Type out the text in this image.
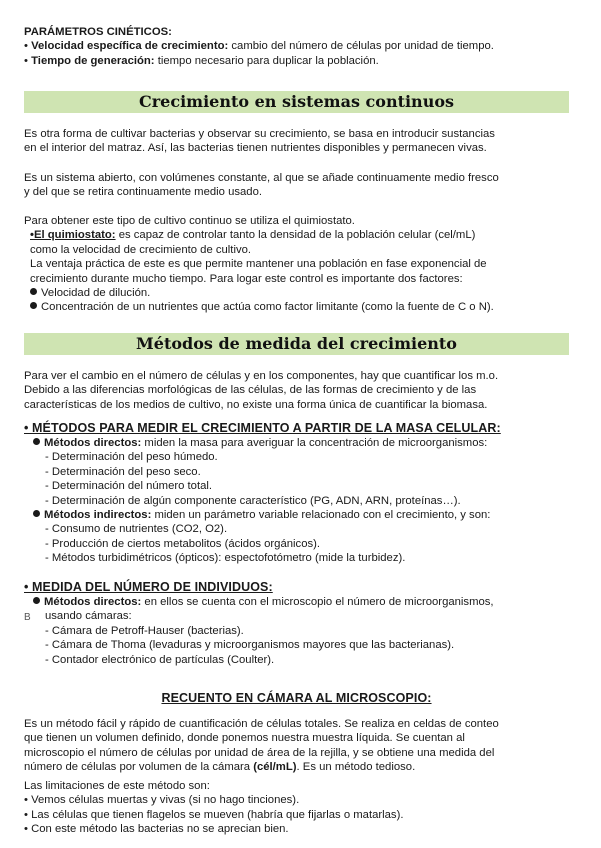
PARÁMETROS CINÉTICOS:
• Velocidad específica de crecimiento: cambio del número de células por unidad de tiempo.
• Tiempo de generación: tiempo necesario para duplicar la población.
Crecimiento en sistemas continuos
Es otra forma de cultivar bacterias y observar su crecimiento, se basa en introducir sustancias
en el interior del matraz. Así, las bacterias tienen nutrientes disponibles y permanecen vivas.
Es un sistema abierto, con volúmenes constante, al que se añade continuamente medio fresco
y del que se retira continuamente medio usado.
Para obtener este tipo de cultivo continuo se utiliza el quimiostato.
•El quimiostato: es capaz de controlar tanto la densidad de la población celular (cel/mL)
como la velocidad de crecimiento de cultivo.
La ventaja práctica de este es que permite mantener una población en fase exponencial de
crecimiento durante mucho tiempo. Para logar este control es importante dos factores:
Velocidad de dilución.
Concentración de un nutrientes que actúa como factor limitante (como la fuente de C o N).
Métodos de medida del crecimiento
Para ver el cambio en el número de células y en los componentes, hay que cuantificar los m.o.
Debido a las diferencias morfológicas de las células, de las formas de crecimiento y de las
características de los medios de cultivo, no existe una forma única de cuantificar la biomasa.
• MÉTODOS PARA MEDIR EL CRECIMIENTO A PARTIR DE LA MASA CELULAR:
Métodos directos: miden la masa para averiguar la concentración de microorganismos:
- Determinación del peso húmedo.
- Determinación del peso seco.
- Determinación del número total.
- Determinación de algún componente característico (PG, ADN, ARN, proteínas…).
Métodos indirectos: miden un parámetro variable relacionado con el crecimiento, y son:
- Consumo de nutrientes (CO2, O2).
- Producción de ciertos metabolitos (ácidos orgánicos).
- Métodos turbidimétricos (ópticos): espectofotómetro (mide la turbidez).
• MEDIDA DEL NÚMERO DE INDIVIDUOS:
Métodos directos: en ellos se cuenta con el microscopio el número de microorganismos,
usando cámaras:
- Cámara de Petroff-Hauser (bacterias).
- Cámara de Thoma (levaduras y microorganismos mayores que las bacterianas).
- Contador electrónico de partículas (Coulter).
B
RECUENTO EN CÁMARA AL MICROSCOPIO:
Es un método fácil y rápido de cuantificación de células totales. Se realiza en celdas de conteo
que tienen un volumen definido, donde ponemos nuestra muestra líquida. Se cuentan al
microscopio el número de células por unidad de área de la rejilla, y se obtiene una medida del
número de células por volumen de la cámara (cél/mL). Es un método tedioso.
Las limitaciones de este método son:
• Vemos células muertas y vivas (si no hago tinciones).
• Las células que tienen flagelos se mueven (habría que fijarlas o matarlas).
• Con este método las bacterias no se aprecian bien.
